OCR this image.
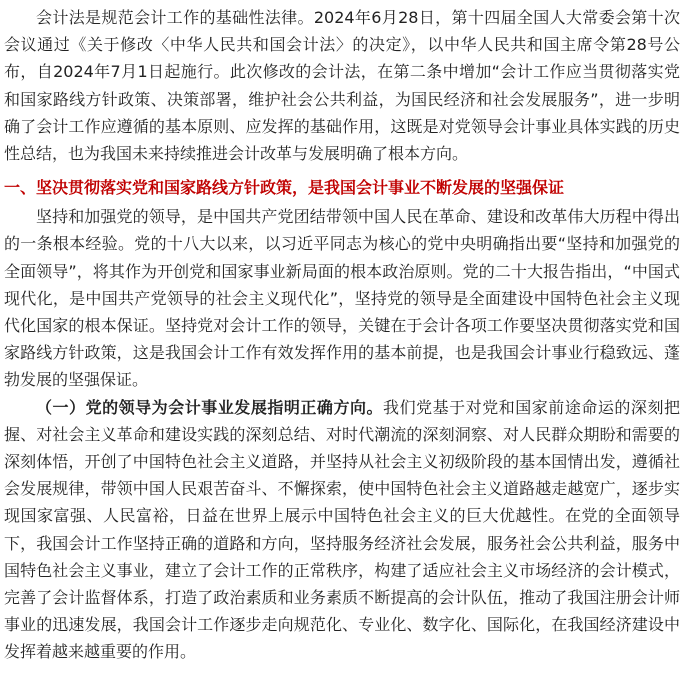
会计法是规范会计工作的基础性法律。2024年6月28日，第十四届全国人大常委会第十次会议通过《关于修改〈中华人民共和国会计法〉的决定》，以中华人民共和国主席令第28号公布，自2024年7月1日起施行。此次修改的会计法，在第二条中增加“会计工作应当贯彻落实党和国家路线方针政策、决策部署，维护社会公共利益，为国民经济和社会发展服务”，进一步明确了会计工作应遵循的基本原则、应发挥的基础作用，这既是对党领导会计事业具体实践的历史性总结，也为我国未来持续推进会计改革与发展明确了根本方向。

一、坚决贯彻落实党和国家路线方针政策，是我国会计事业不断发展的坚强保证

坚持和加强党的领导，是中国共产党团结带领中国人民在革命、建设和改革伟大历程中得出的一条根本经验。党的十八大以来，以习近平同志为核心的党中央明确指出要“坚持和加强党的全面领导”，将其作为开创党和国家事业新局面的根本政治原则。党的二十大报告指出，“中国式现代化，是中国共产党领导的社会主义现代化”，坚持党的领导是全面建设中国特色社会主义现代化国家的根本保证。坚持党对会计工作的领导，关键在于会计各项工作要坚决贯彻落实党和国家路线方针政策，这是我国会计工作有效发挥作用的基本前提，也是我国会计事业行稳致远、蓬勃发展的坚强保证。

（一）党的领导为会计事业发展指明正确方向。我们党基于对党和国家前途命运的深刻把握、对社会主义革命和建设实践的深刻总结、对时代潮流的深刻洞察、对人民群众期盼和需要的深刻体悟，开创了中国特色社会主义道路，并坚持从社会主义初级阶段的基本国情出发，遵循社会发展规律，带领中国人民艰苦奋斗、不懈探索，使中国特色社会主义道路越走越宽广，逐步实现国家富强、人民富裕，日益在世界上展示中国特色社会主义的巨大优越性。在党的全面领导下，我国会计工作坚持正确的道路和方向，坚持服务经济社会发展，服务社会公共利益，服务中国特色社会主义事业，建立了会计工作的正常秩序，构建了适应社会主义市场经济的会计模式，完善了会计监督体系，打造了政治素质和业务素质不断提高的会计队伍，推动了我国注册会计师事业的迅速发展，我国会计工作逐步走向规范化、专业化、数字化、国际化，在我国经济建设中发挥着越来越重要的作用。
